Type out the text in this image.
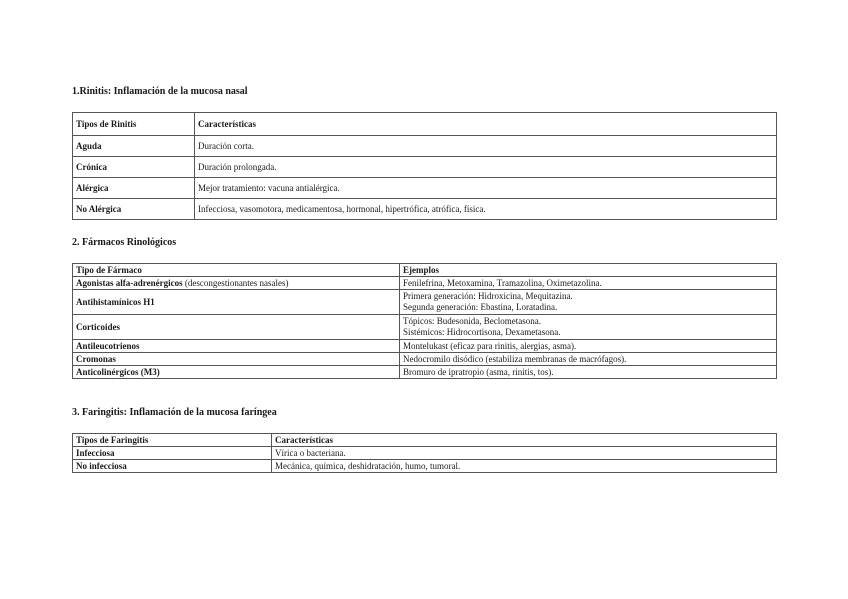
1.Rinitis: Inflamación de la mucosa nasal
Tipos de Rinitis	Características
Aguda	Duración corta.
Crónica	Duración prolongada.
Alérgica	Mejor tratamiento: vacuna antialérgica.
No Alérgica	Infecciosa, vasomotora, medicamentosa, hormonal, hipertrófica, atrófica, física.
2. Fármacos Rinológicos
Tipo de Fármaco	Ejemplos
Agonistas alfa-adrenérgicos (descongestionantes nasales)	Fenilefrina, Metoxamina, Tramazolina, Oximetazolina.

Antihistamínicos H1	Primera generación: Hidroxicina, Mequitazina.
Segunda generación: Ebastina, Loratadina.

Corticoides	Tópicos: Budesonida, Beclometasona.
Sistémicos: Hidrocortisona, Dexametasona.

Antileucotrienos	Montelukast (eficaz para rinitis, alergias, asma).

Cromonas	Nedocromilo disódico (estabiliza membranas de macrófagos).

Anticolinérgicos (M3)	Bromuro de ipratropio (asma, rinitis, tos).
3. Faringitis: Inflamación de la mucosa faríngea
Tipos de Faringitis	Características
Infecciosa	Vírica o bacteriana.
No infecciosa	Mecánica, química, deshidratación, humo, tumoral.
